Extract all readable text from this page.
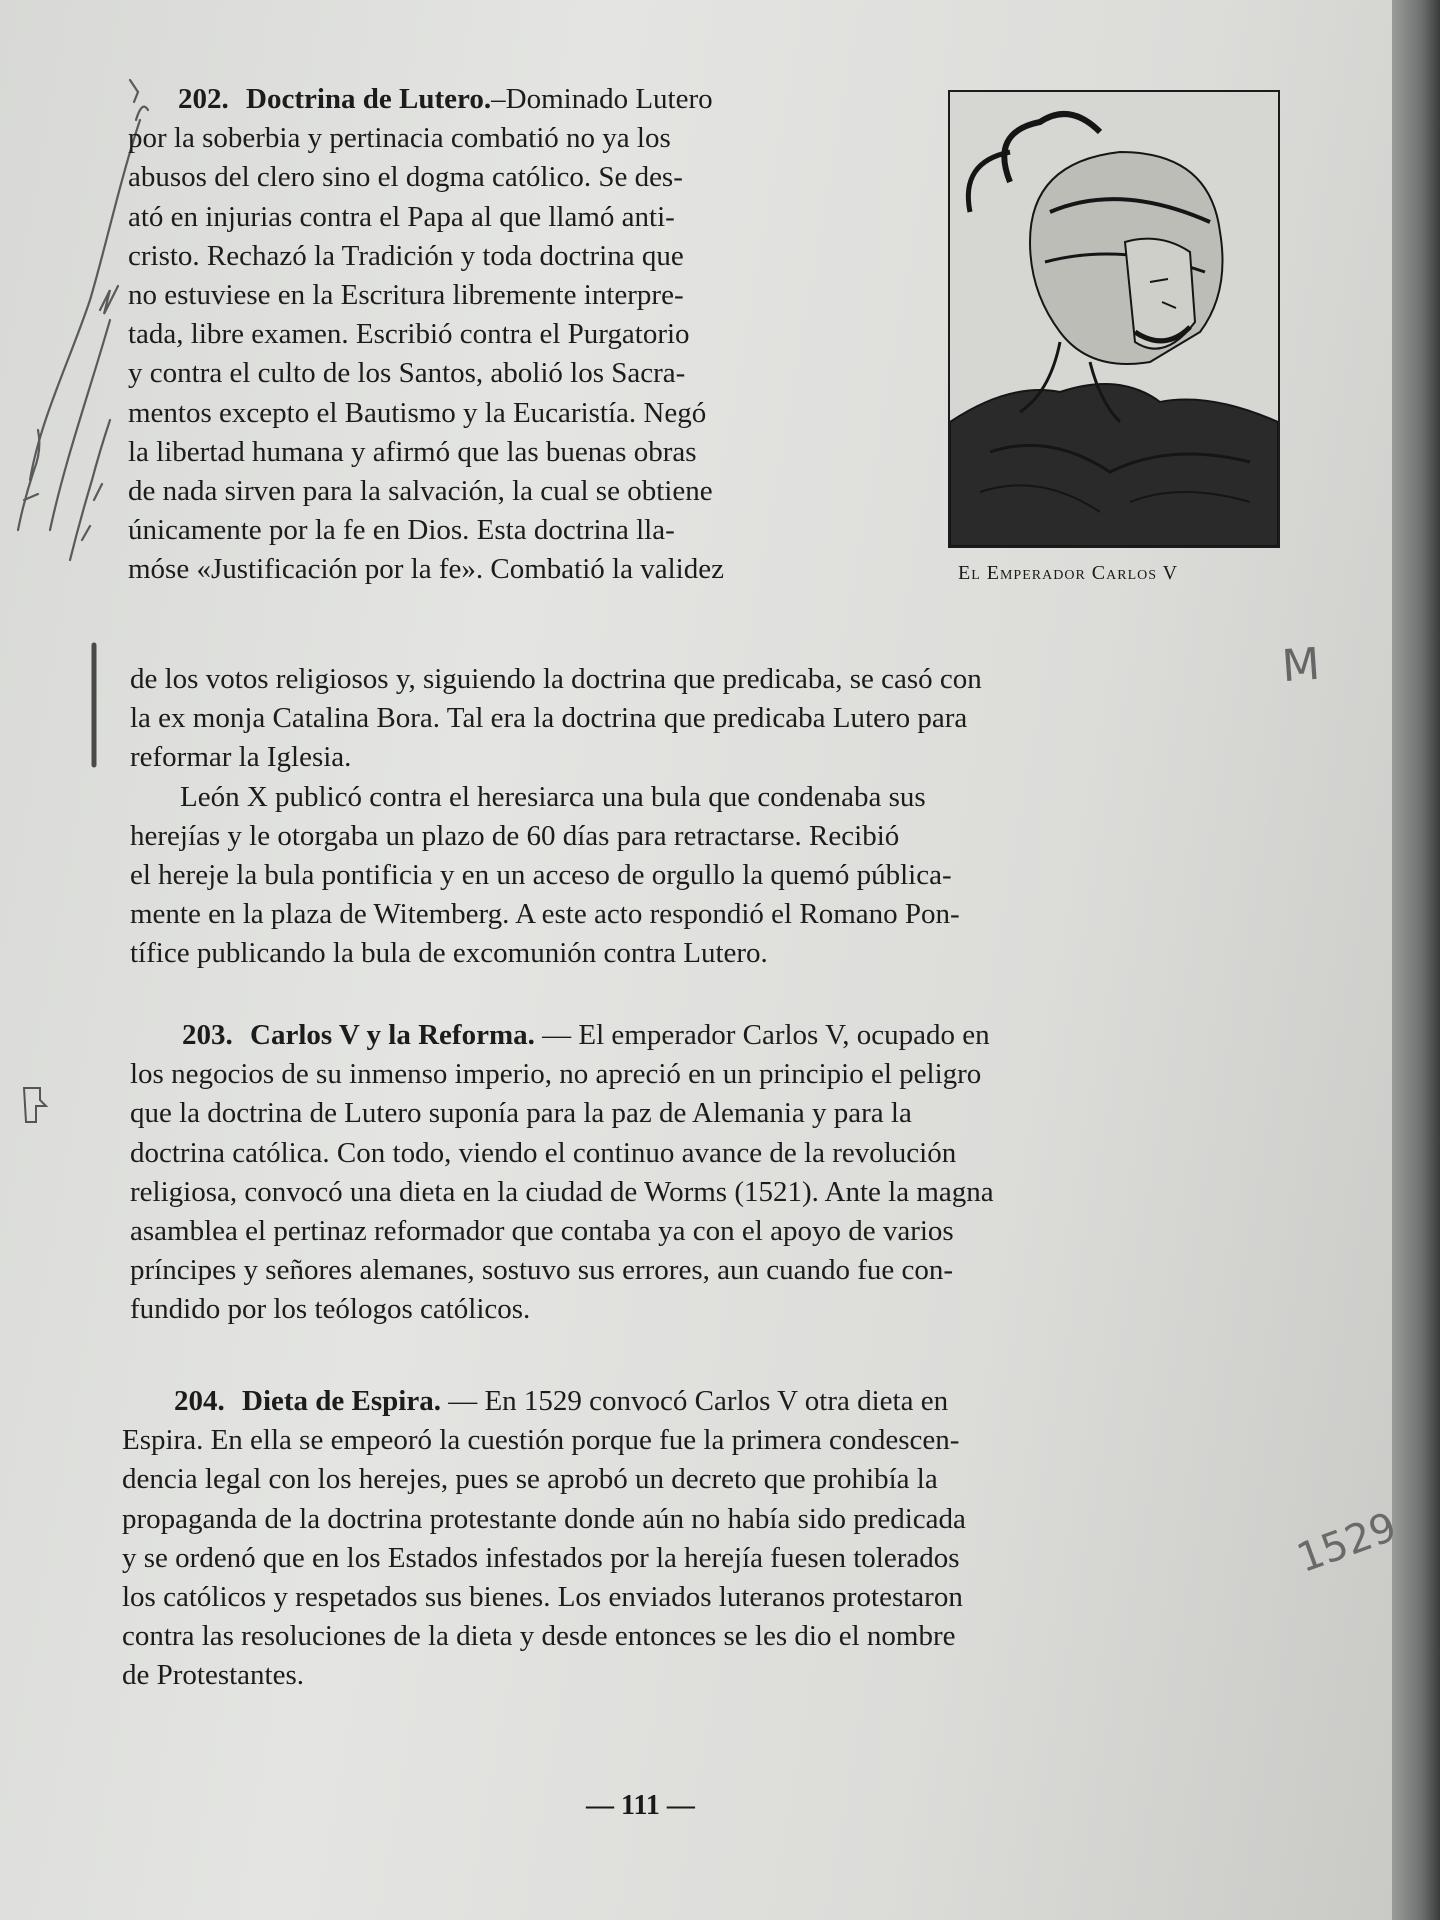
202. Doctrina de Lutero.–Dominado Lutero
por la soberbia y pertinacia combatió no ya los
abusos del clero sino el dogma católico. Se des-
ató en injurias contra el Papa al que llamó anti-
cristo. Rechazó la Tradición y toda doctrina que
no estuviese en la Escritura libremente interpre-
tada, libre examen. Escribió contra el Purgatorio
y contra el culto de los Santos, abolió los Sacra-
mentos excepto el Bautismo y la Eucaristía. Negó
la libertad humana y afirmó que las buenas obras
de nada sirven para la salvación, la cual se obtiene
únicamente por la fe en Dios. Esta doctrina lla-
móse «Justificación por la fe». Combatió la validez
de los votos religiosos y, siguiendo la doctrina que predicaba, se casó con
la ex monja Catalina Bora. Tal era la doctrina que predicaba Lutero para
reformar la Iglesia.
León X publicó contra el heresiarca una bula que condenaba sus
herejías y le otorgaba un plazo de 60 días para retractarse. Recibió
el hereje la bula pontificia y en un acceso de orgullo la quemó pública-
mente en la plaza de Witemberg. A este acto respondió el Romano Pon-
tífice publicando la bula de excomunión contra Lutero.
El Emperador Carlos V
203. Carlos V y la Reforma. — El emperador Carlos V, ocupado en
los negocios de su inmenso imperio, no apreció en un principio el peligro
que la doctrina de Lutero suponía para la paz de Alemania y para la
doctrina católica. Con todo, viendo el continuo avance de la revolución
religiosa, convocó una dieta en la ciudad de Worms (1521). Ante la magna
asamblea el pertinaz reformador que contaba ya con el apoyo de varios
príncipes y señores alemanes, sostuvo sus errores, aun cuando fue con-
fundido por los teólogos católicos.
204. Dieta de Espira. — En 1529 convocó Carlos V otra dieta en
Espira. En ella se empeoró la cuestión porque fue la primera condescen-
dencia legal con los herejes, pues se aprobó un decreto que prohibía la
propaganda de la doctrina protestante donde aún no había sido predicada
y se ordenó que en los Estados infestados por la herejía fuesen tolerados
los católicos y respetados sus bienes. Los enviados luteranos protestaron
contra las resoluciones de la dieta y desde entonces se les dio el nombre
de Protestantes.
M
1529
— 111 —
